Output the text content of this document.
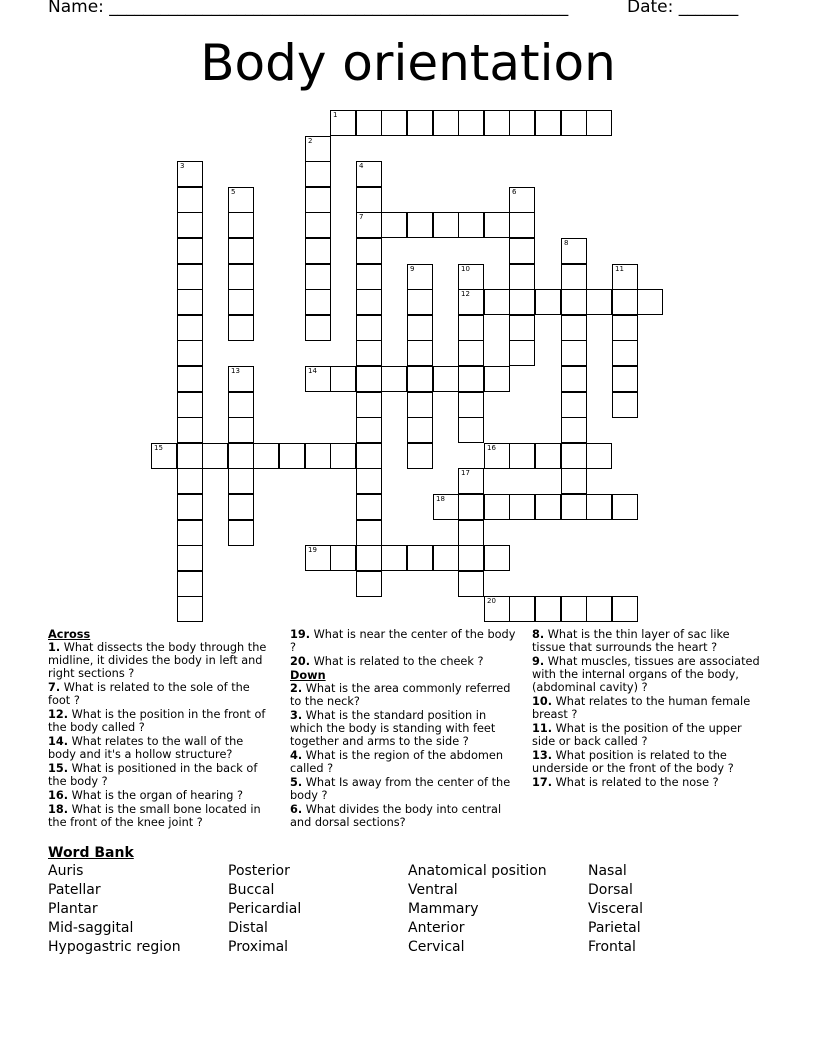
Name: ______________________________________________________	Date: _______
Body orientation
1
7
12
14
15	16
18
19
20
2
3	4
5	6
8
9	10	11
13
17
Across
1. What dissects the body through the midline, it divides the body in left and right sections ?
7. What is related to the sole of the foot ?
12. What is the position in the front of the body called ?
14. What relates to the wall of the body and it's a hollow structure?
15. What is positioned in the back of the body ?
16. What is the organ of hearing ?
18. What is the small bone located in the front of the knee joint ?
19. What is near the center of the body ?
20. What is related to the cheek ?
Down
2. What is the area commonly referred to the neck?
3. What is the standard position in which the body is standing with feet together and arms to the side ?
4. What is the region of the abdomen called ?
5. What Is away from the center of the body ?
6. What divides the body into central and dorsal sections?
8. What is the thin layer of sac like tissue that surrounds the heart ?
9. What muscles, tissues are associated with the internal organs of the body, (abdominal cavity) ?
10. What relates to the human female breast ?
11. What is the position of the upper side or back called ?
13. What position is related to the underside or the front of the body ?
17. What is related to the nose ?
Word Bank
Auris
Patellar
Plantar
Mid-saggital
Hypogastric region
Posterior
Buccal
Pericardial
Distal
Proximal
Anatomical position
Ventral
Mammary
Anterior
Cervical
Nasal
Dorsal
Visceral
Parietal
Frontal
